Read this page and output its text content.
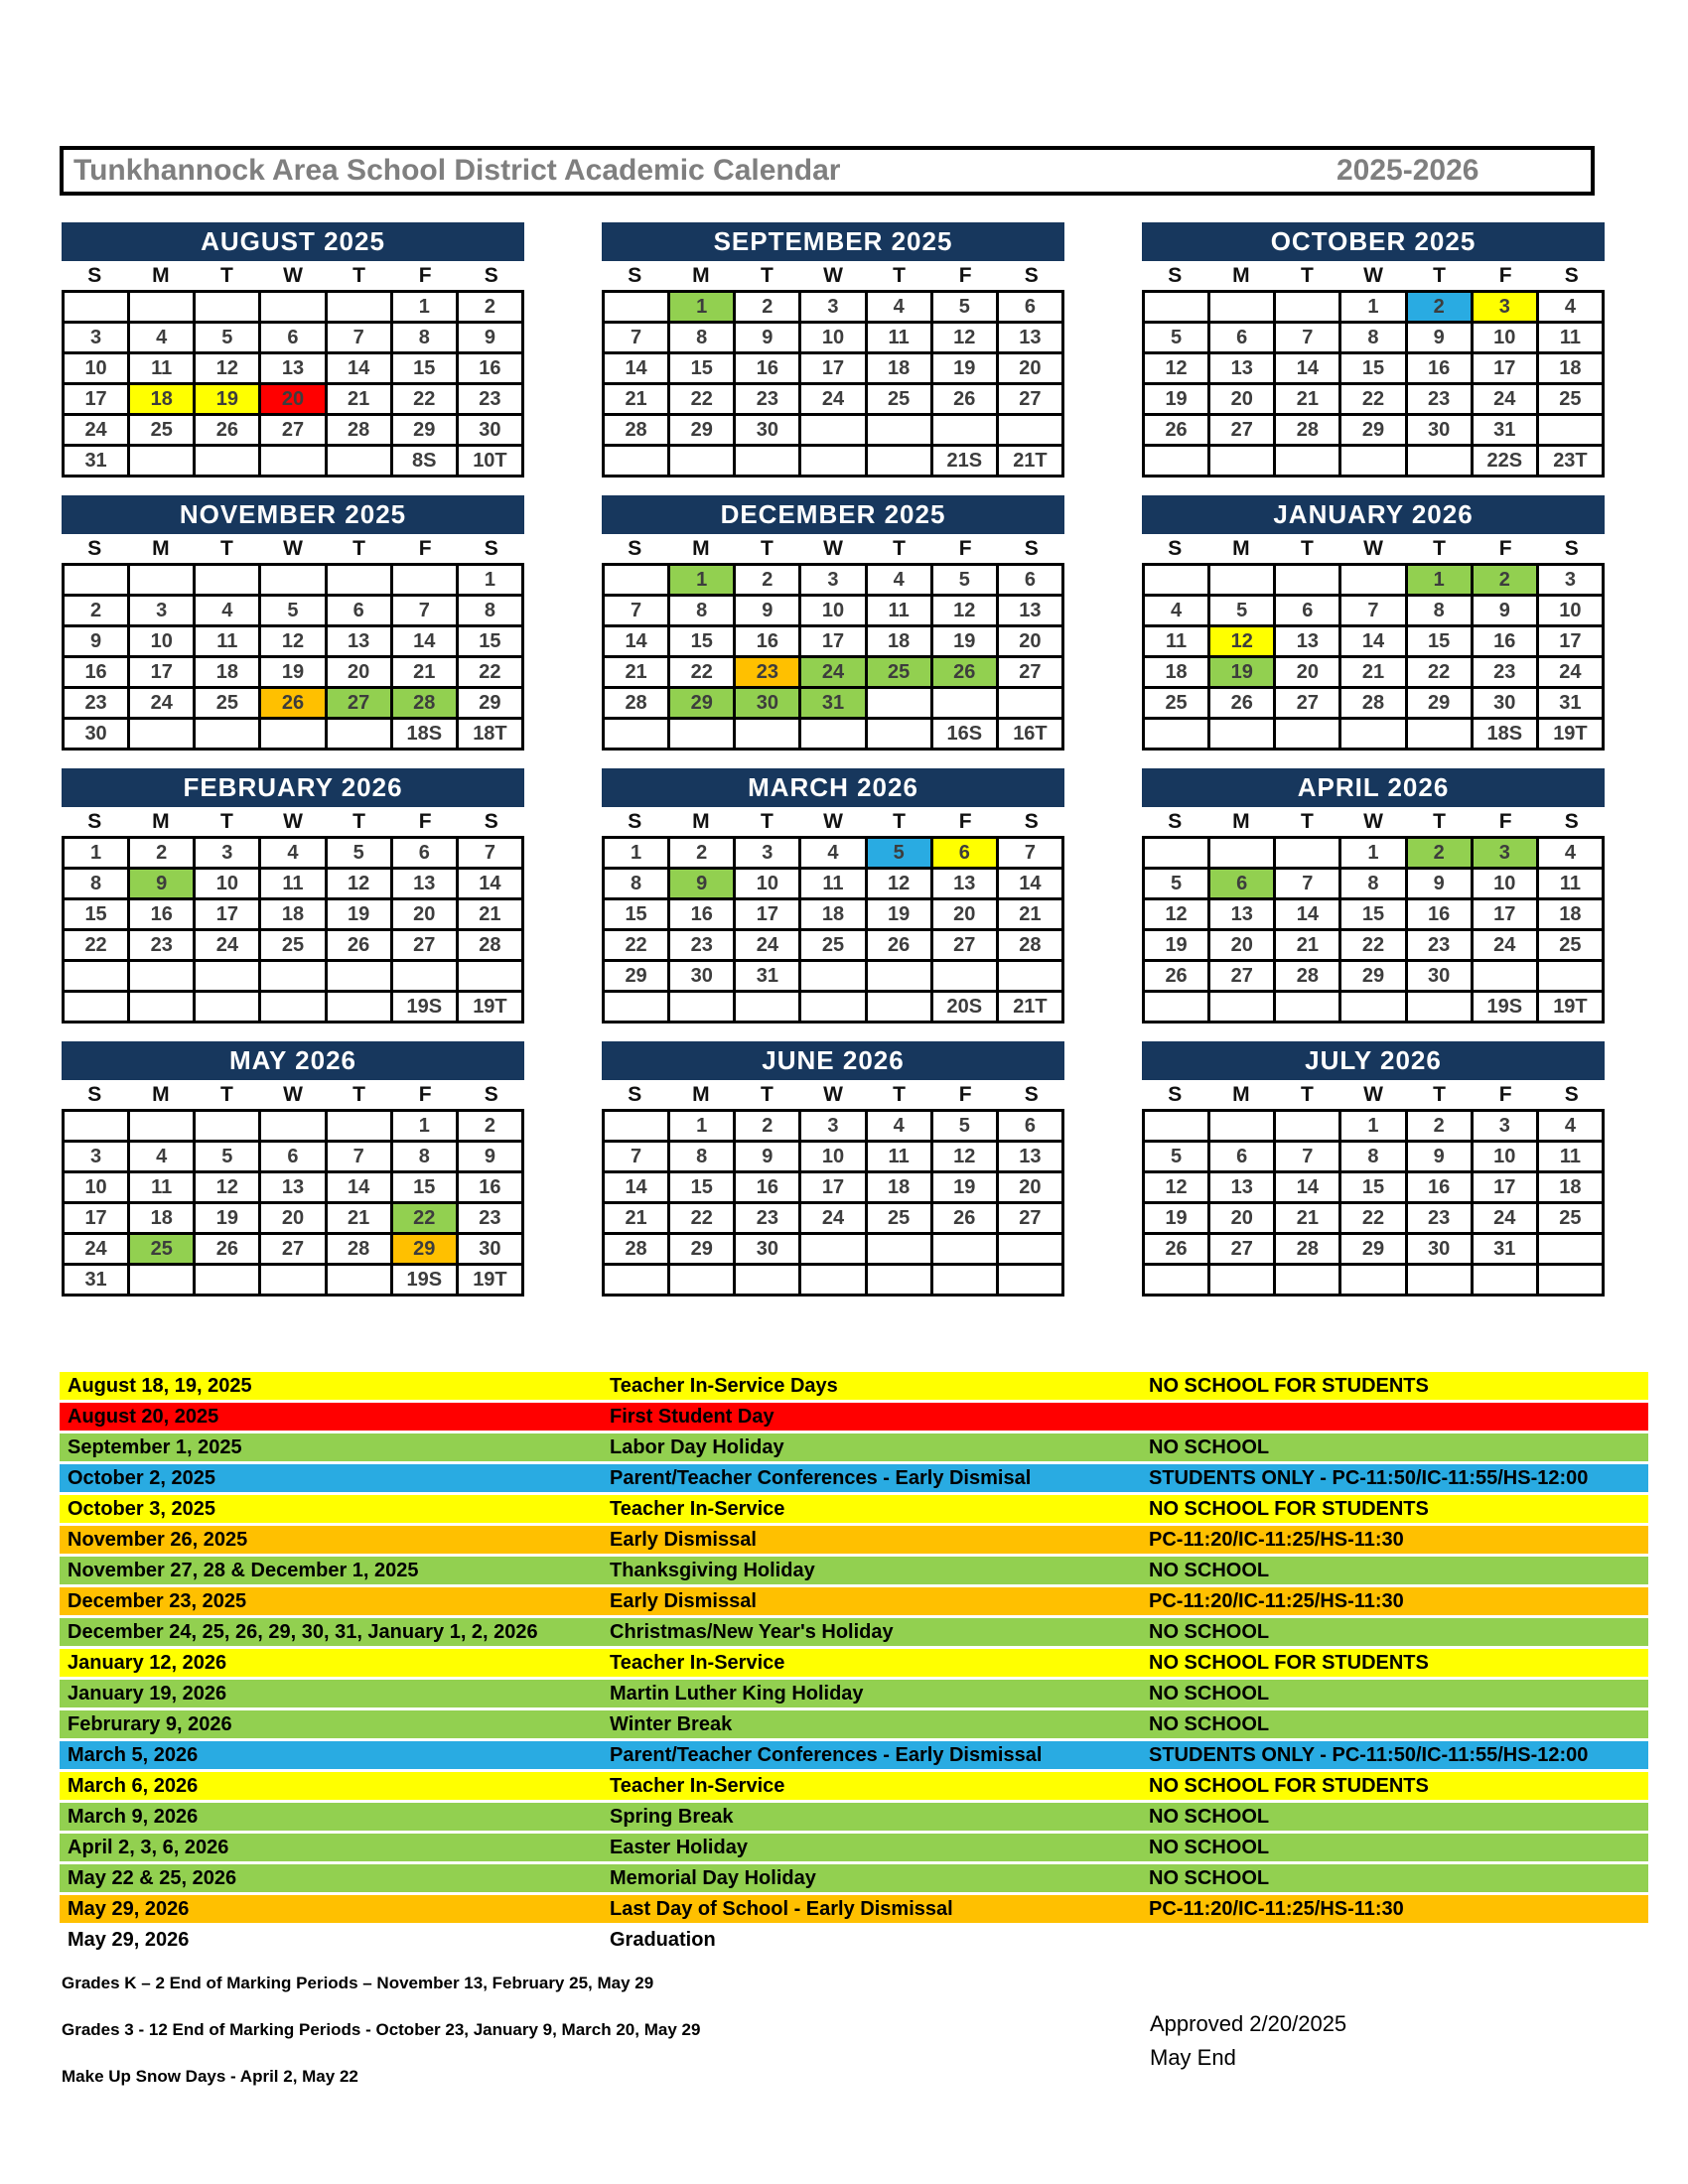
Tunkhannock Area School District Academic Calendar	2025-2026
AUGUST 2025
S	M	T	W	T	F	S
					1	2
3	4	5	6	7	8	9
10	11	12	13	14	15	16
17	18	19	20	21	22	23
24	25	26	27	28	29	30
31					8S	10T
SEPTEMBER 2025
S	M	T	W	T	F	S
	1	2	3	4	5	6
7	8	9	10	11	12	13
14	15	16	17	18	19	20
21	22	23	24	25	26	27
28	29	30				
					21S	21T
OCTOBER 2025
S	M	T	W	T	F	S
			1	2	3	4
5	6	7	8	9	10	11
12	13	14	15	16	17	18
19	20	21	22	23	24	25
26	27	28	29	30	31	
					22S	23T
NOVEMBER 2025
S	M	T	W	T	F	S
						1
2	3	4	5	6	7	8
9	10	11	12	13	14	15
16	17	18	19	20	21	22
23	24	25	26	27	28	29
30					18S	18T
DECEMBER 2025
S	M	T	W	T	F	S
	1	2	3	4	5	6
7	8	9	10	11	12	13
14	15	16	17	18	19	20
21	22	23	24	25	26	27
28	29	30	31			
					16S	16T
JANUARY 2026
S	M	T	W	T	F	S
				1	2	3
4	5	6	7	8	9	10
11	12	13	14	15	16	17
18	19	20	21	22	23	24
25	26	27	28	29	30	31
					18S	19T
FEBRUARY 2026
S	M	T	W	T	F	S
1	2	3	4	5	6	7
8	9	10	11	12	13	14
15	16	17	18	19	20	21
22	23	24	25	26	27	28

					19S	19T
MARCH 2026
S	M	T	W	T	F	S
1	2	3	4	5	6	7
8	9	10	11	12	13	14
15	16	17	18	19	20	21
22	23	24	25	26	27	28
29	30	31				
					20S	21T
APRIL 2026
S	M	T	W	T	F	S
			1	2	3	4
5	6	7	8	9	10	11
12	13	14	15	16	17	18
19	20	21	22	23	24	25
26	27	28	29	30		
					19S	19T
MAY 2026
S	M	T	W	T	F	S
					1	2
3	4	5	6	7	8	9
10	11	12	13	14	15	16
17	18	19	20	21	22	23
24	25	26	27	28	29	30
31					19S	19T
JUNE 2026
S	M	T	W	T	F	S
	1	2	3	4	5	6
7	8	9	10	11	12	13
14	15	16	17	18	19	20
21	22	23	24	25	26	27
28	29	30				

JULY 2026
S	M	T	W	T	F	S
			1	2	3	4
5	6	7	8	9	10	11
12	13	14	15	16	17	18
19	20	21	22	23	24	25
26	27	28	29	30	31	

August 18, 19, 2025	Teacher In-Service Days	NO SCHOOL FOR STUDENTS
August 20, 2025	First Student Day
September 1, 2025	Labor Day Holiday	NO SCHOOL
October 2, 2025	Parent/Teacher Conferences - Early Dismisal	STUDENTS ONLY - PC-11:50/IC-11:55/HS-12:00
October 3, 2025	Teacher In-Service	NO SCHOOL FOR STUDENTS
November 26, 2025	Early Dismissal	PC-11:20/IC-11:25/HS-11:30
November 27, 28 & December 1, 2025	Thanksgiving Holiday	NO SCHOOL
December 23, 2025	Early Dismissal	PC-11:20/IC-11:25/HS-11:30
December 24, 25, 26, 29, 30, 31, January 1, 2, 2026	Christmas/New Year's Holiday	NO SCHOOL
January 12, 2026	Teacher In-Service	NO SCHOOL FOR STUDENTS
January 19, 2026	Martin Luther King Holiday	NO SCHOOL
Februrary 9, 2026	Winter Break	NO SCHOOL
March 5, 2026	Parent/Teacher Conferences - Early Dismissal	STUDENTS ONLY - PC-11:50/IC-11:55/HS-12:00
March 6, 2026	Teacher In-Service	NO SCHOOL FOR STUDENTS
March 9, 2026	Spring Break	NO SCHOOL
April 2, 3, 6, 2026	Easter Holiday	NO SCHOOL
May 22 & 25, 2026	Memorial Day Holiday	NO SCHOOL
May 29, 2026	Last Day of School - Early Dismissal	PC-11:20/IC-11:25/HS-11:30
May 29, 2026	Graduation

Grades K – 2 End of Marking Periods – November 13, February 25, May 29

Grades 3 - 12 End of Marking Periods - October 23, January 9, March 20, May 29

Make Up Snow Days - April 2, May 22

Approved 2/20/2025
May End
